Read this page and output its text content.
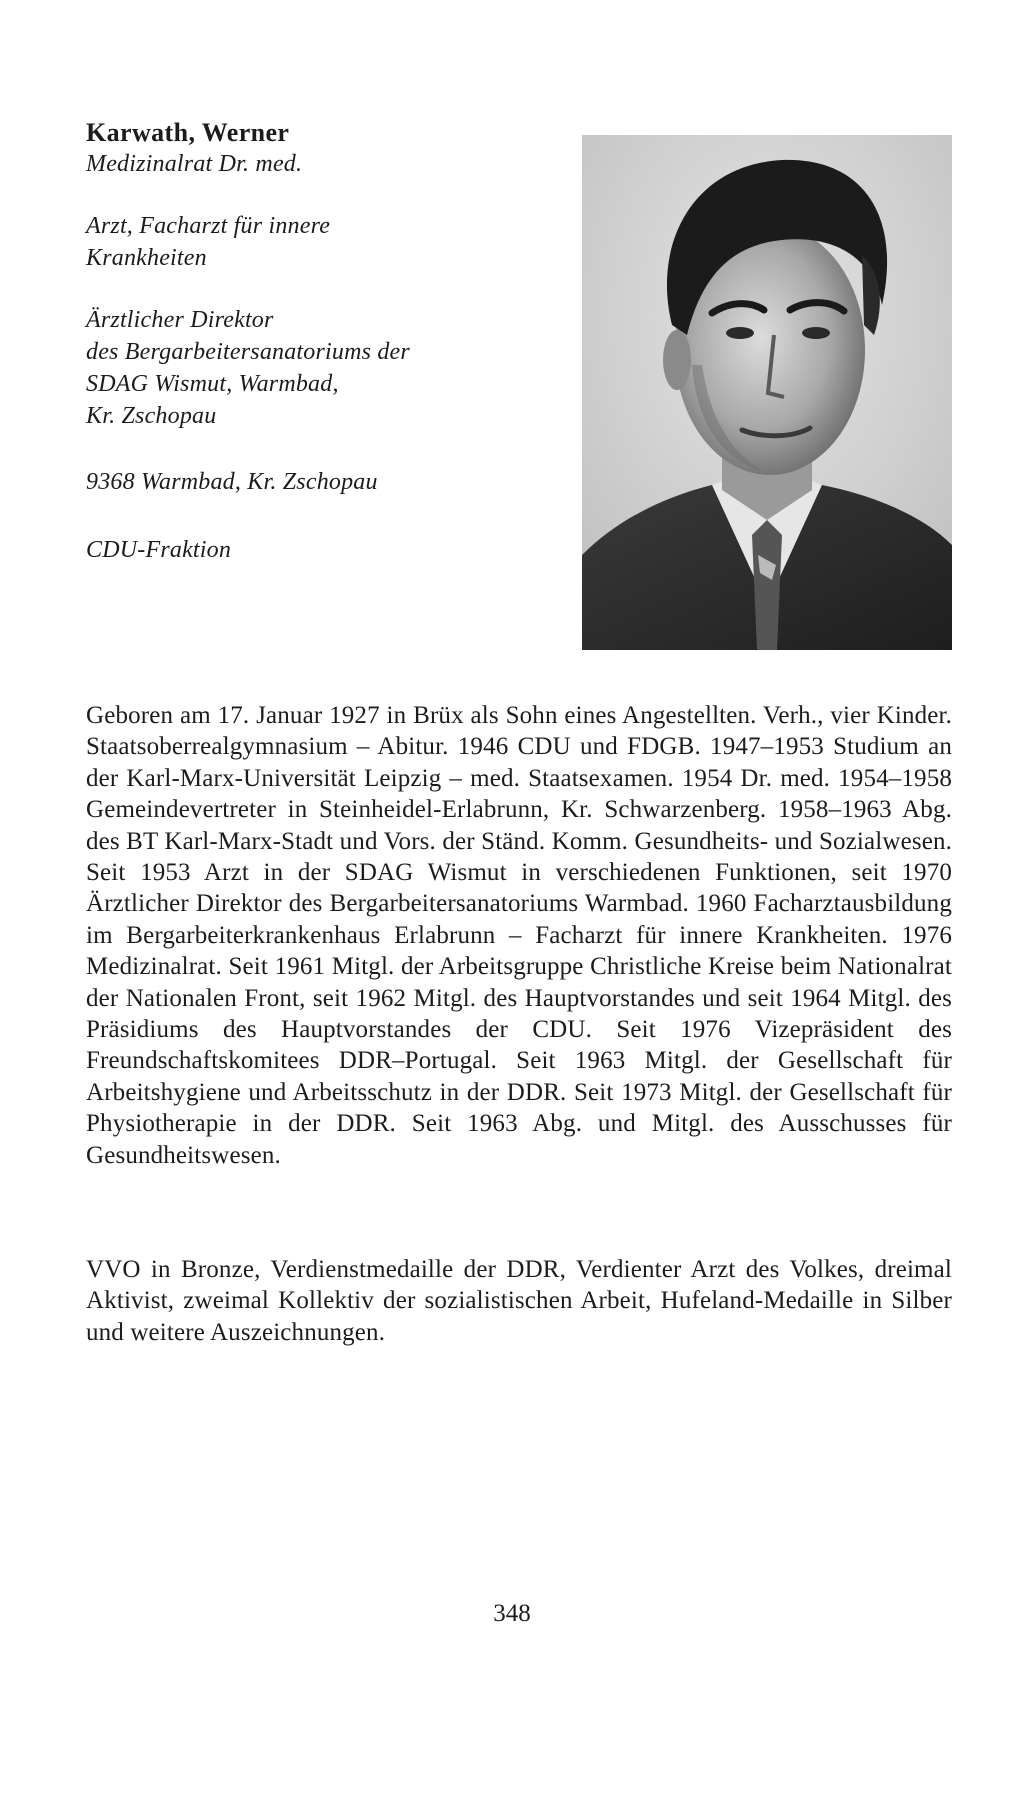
Karwath, Werner

Medizinalrat Dr. med.

Arzt, Facharzt für innere

Krankheiten

Ärztlicher Direktor

des Bergarbeitersanatoriums der

SDAG Wismut, Warmbad,

Kr. Zschopau

9368 Warmbad, Kr. Zschopau

CDU-Fraktion

Geboren am 17. Januar 1927 in Brüx als Sohn eines Angestellten. Verh., vier Kinder. Staatsoberrealgymnasium – Abitur. 1946 CDU und FDGB. 1947–1953 Studium an der Karl-Marx-Universität Leipzig – med. Staatsexamen. 1954 Dr. med. 1954–1958 Gemeindevertreter in Steinheidel-Erlabrunn, Kr. Schwarzenberg. 1958–1963 Abg. des BT Karl-Marx-Stadt und Vors. der Ständ. Komm. Gesundheits- und Sozialwesen. Seit 1953 Arzt in der SDAG Wismut in verschiedenen Funktionen, seit 1970 Ärztlicher Direktor des Bergarbeitersanatoriums Warmbad. 1960 Facharztausbildung im Bergarbeiterkrankenhaus Erlabrunn – Facharzt für innere Krankheiten. 1976 Medizinalrat. Seit 1961 Mitgl. der Arbeitsgruppe Christliche Kreise beim Nationalrat der Nationalen Front, seit 1962 Mitgl. des Hauptvorstandes und seit 1964 Mitgl. des Präsidiums des Hauptvorstandes der CDU. Seit 1976 Vizepräsident des Freundschaftskomitees DDR–Portugal. Seit 1963 Mitgl. der Gesellschaft für Arbeitshygiene und Arbeitsschutz in der DDR. Seit 1973 Mitgl. der Gesellschaft für Physiotherapie in der DDR. Seit 1963 Abg. und Mitgl. des Ausschusses für Gesundheitswesen.

VVO in Bronze, Verdienstmedaille der DDR, Verdienter Arzt des Volkes, dreimal Aktivist, zweimal Kollektiv der sozialistischen Arbeit, Hufeland-Medaille in Silber und weitere Auszeichnungen.

348
